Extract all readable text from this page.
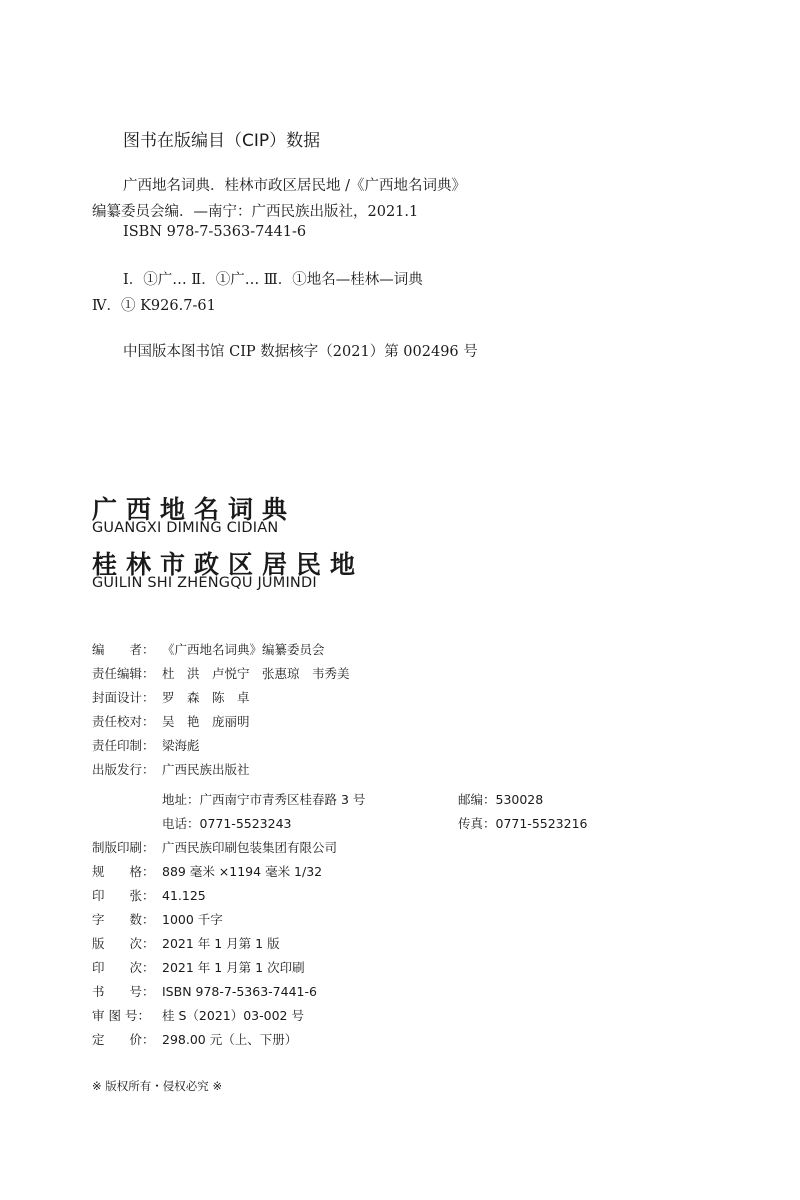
图书在版编目（CIP）数据
广西地名词典．桂林市政区居民地 /《广西地名词典》
编纂委员会编．—南宁：广西民族出版社，2021.1
ISBN 978-7-5363-7441-6
Ⅰ．①广… Ⅱ．①广… Ⅲ．①地名—桂林—词典
Ⅳ．① K926.7-61
中国版本图书馆 CIP 数据核字（2021）第 002496 号
广西地名词典
GUANGXI DIMING CIDIAN
桂林市政区居民地
GUILIN SHI ZHENGQU JUMINDI
编　　者： 《广西地名词典》编纂委员会
责任编辑： 杜　洪　卢悦宁　张惠琼　韦秀美
封面设计： 罗　森　陈　卓
责任校对： 吴　艳　庞丽明
责任印制： 梁海彪
出版发行： 广西民族出版社
地址：广西南宁市青秀区桂春路 3 号	邮编：530028
电话：0771-5523243	传真：0771-5523216
制版印刷： 广西民族印刷包装集团有限公司
规　　格： 889 毫米 ×1194 毫米 1/32
印　　张： 41.125
字　　数： 1000 千字
版　　次： 2021 年 1 月第 1 版
印　　次： 2021 年 1 月第 1 次印刷
书　　号： ISBN 978-7-5363-7441-6
审 图 号： 桂 S（2021）03-002 号
定　　价： 298.00 元（上、下册）
※ 版权所有・侵权必究 ※
